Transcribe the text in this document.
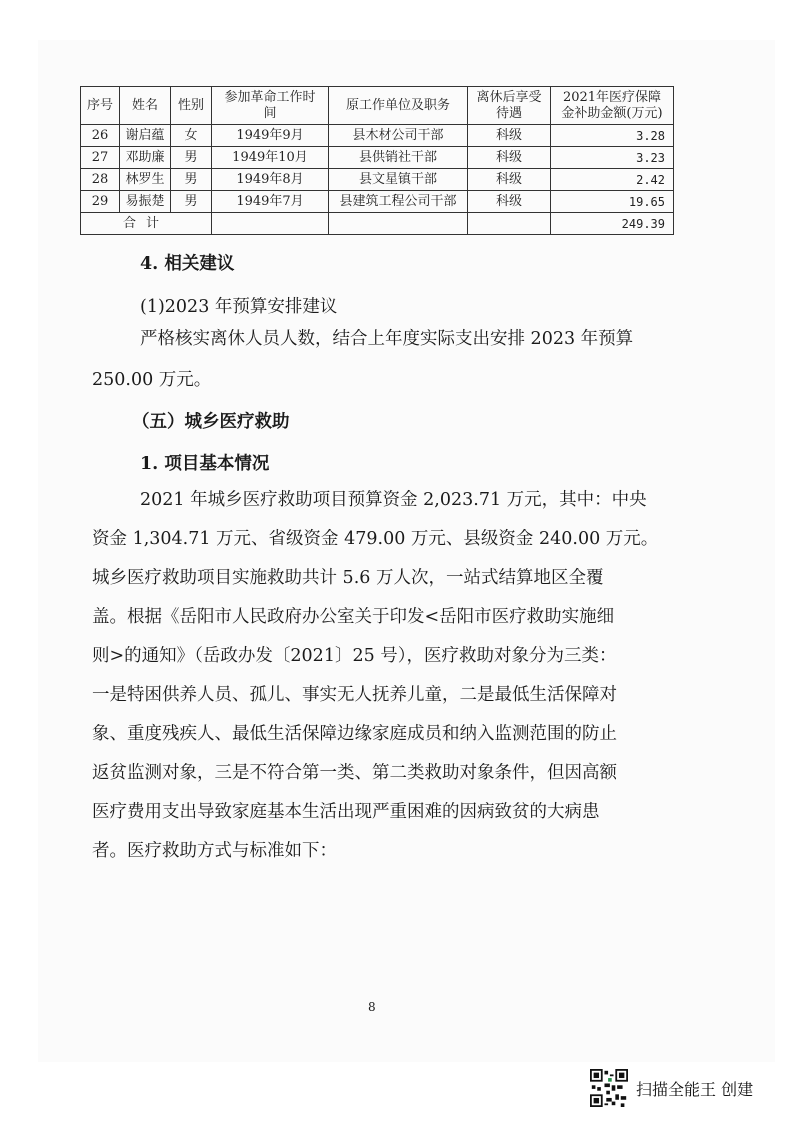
序号	姓名	性别	参加革命工作时间	原工作单位及职务	离休后享受待遇	2021年医疗保障金补助金额(万元)
26	谢启蕴	女	1949年9月	县木材公司干部	科级	3.28
27	邓助廉	男	1949年10月	县供销社干部	科级	3.23
28	林罗生	男	1949年8月	县文星镇干部	科级	2.42
29	易振楚	男	1949年7月	县建筑工程公司干部	科级	19.65
合计						249.39
4. 相关建议
(1)2023 年预算安排建议
严格核实离休人员人数，结合上年度实际支出安排 2023 年预算
250.00 万元。
（五）城乡医疗救助
1. 项目基本情况
2021 年城乡医疗救助项目预算资金 2,023.71 万元，其中：中央
资金 1,304.71 万元、省级资金 479.00 万元、县级资金 240.00 万元。
城乡医疗救助项目实施救助共计 5.6 万人次，一站式结算地区全覆
盖。根据《岳阳市人民政府办公室关于印发<岳阳市医疗救助实施细
则>的通知》（岳政办发〔2021〕25 号），医疗救助对象分为三类：
一是特困供养人员、孤儿、事实无人抚养儿童，二是最低生活保障对
象、重度残疾人、最低生活保障边缘家庭成员和纳入监测范围的防止
返贫监测对象，三是不符合第一类、第二类救助对象条件，但因高额
医疗费用支出导致家庭基本生活出现严重困难的因病致贫的大病患
者。医疗救助方式与标准如下：
8
扫描全能王 创建
